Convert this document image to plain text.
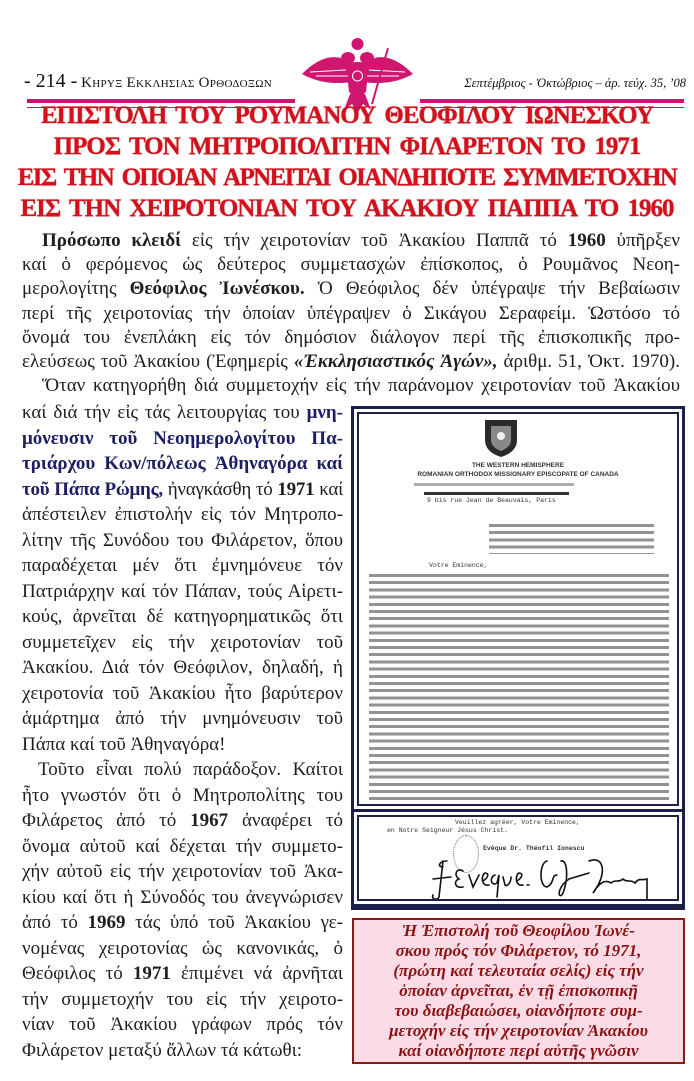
- 214 - Κηρυξ Εκκλησιας Ορθοδοξων	Σεπτέμβριος - Ὀκτώβριος – ἀρ. τεύχ. 35, ’08
ΕΠΙΣΤΟΛΗ ΤΟΥ ΡΟΥΜΑΝΟΥ ΘΕΟΦΙΛΟΥ ΙΩΝΕΣΚΟΥ
ΠΡΟΣ ΤΟΝ ΜΗΤΡΟΠΟΛΙΤΗΝ ΦΙΛΑΡΕΤΟΝ ΤΟ 1971
ΕΙΣ ΤΗΝ ΟΠΟΙΑΝ ΑΡΝΕΙΤΑΙ ΟΙΑΝΔΗΠΟΤΕ ΣΥΜΜΕΤΟΧΗΝ
ΕΙΣ ΤΗΝ ΧΕΙΡΟΤΟΝΙΑΝ ΤΟΥ ΑΚΑΚΙΟΥ ΠΑΠΠΑ ΤΟ 1960
Πρόσωπο κλειδί εἰς τήν χειροτονίαν τοῦ Ἀκακίου Παππᾶ τό 1960 ὑπῆρξεν
καί ὁ φερόμενος ὡς δεύτερος συμμετασχών ἐπίσκοπος, ὁ Ρουμᾶνος Νεοη-
μερολογίτης Θεόφιλος Ἰωνέσκου. Ὁ Θεόφιλος δέν ὑπέγραψε τήν Βεβαίωσιν
περί τῆς χειροτονίας τήν ὁποίαν ὑπέγραψεν ὁ Σικάγου Σεραφείμ. Ὡστόσο τό
ὄνομά του ἐνεπλάκη εἰς τόν δημόσιον διάλογον περί τῆς ἐπισκοπικῆς προ-
ελεύσεως τοῦ Ἀκακίου (Ἐφημερίς «Ἐκκλησιαστικός Ἀγών», ἀριθμ. 51, Ὀκτ. 1970).
Ὅταν κατηγορήθη διά συμμετοχήν εἰς τήν παράνομον χειροτονίαν τοῦ Ἀκακίου
καί διά τήν εἰς τάς λειτουργίας του μνη-
μόνευσιν τοῦ Νεοημερολογίτου Πα-
τριάρχου Κων/πόλεως Ἀθηναγόρα καί
τοῦ Πάπα Ρώμης, ἠναγκάσθη τό 1971 καί
ἀπέστειλεν ἐπιστολήν εἰς τόν Μητροπο-
λίτην τῆς Συνόδου του Φιλάρετον, ὅπου
παραδέχεται μέν ὅτι ἐμνημόνευε τόν
Πατριάρχην καί τόν Πάπαν, τούς Αἱρετι-
κούς, ἀρνεῖται δέ κατηγορηματικῶς ὅτι
συμμετεῖχεν εἰς τήν χειροτονίαν τοῦ
Ἀκακίου. Διά τόν Θεόφιλον, δηλαδή, ἡ
χειροτονία τοῦ Ἀκακίου ἦτο βαρύτερον
ἁμάρτημα ἀπό τήν μνημόνευσιν τοῦ
Πάπα καί τοῦ Ἀθηναγόρα!
Τοῦτο εἶναι πολύ παράδοξον. Καίτοι
ἦτο γνωστόν ὅτι ὁ Μητροπολίτης του
Φιλάρετος ἀπό τό 1967 ἀναφέρει τό
ὄνομα αὐτοῦ καί δέχεται τήν συμμετο-
χήν αὐτοῦ εἰς τήν χειροτονίαν τοῦ Ἀκα-
κίου καί ὅτι ἡ Σύνοδός του ἀνεγνώρισεν
ἀπό τό 1969 τάς ὑπό τοῦ Ἀκακίου γε-
νομένας χειροτονίας ὡς κανονικάς, ὁ
Θεόφιλος τό 1971 ἐπιμένει νά ἀρνῆται
τήν συμμετοχήν του εἰς τήν χειροτο-
νίαν τοῦ Ἀκακίου γράφων πρός τόν
Φιλάρετον μεταξύ ἄλλων τά κάτωθι:
THE WESTERN HEMISPHERE
ROMANIAN ORTHODOX MISSIONARY EPISCOPATE OF CANADA
9 bis rue Jean de Beauvais, Paris
Votre Eminence,
Veuillez agréer, Votre Eminence,
en Notre Seigneur Jésus Christ.
Evêque Dr. Théofil Ionescu
Ἡ Ἐπιστολή τοῦ Θεοφίλου Ἰωνέ-
σκου πρός τόν Φιλάρετον, τό 1971,
(πρώτη καί τελευταία σελίς) εἰς τήν
ὁποίαν ἀρνεῖται, ἐν τῇ ἐπισκοπικῇ
του διαβεβαιώσει, οἱανδήποτε συμ-
μετοχήν εἰς τήν χειροτονίαν Ἀκακίου
καί οἱανδήποτε περί αὐτῆς γνῶσιν
